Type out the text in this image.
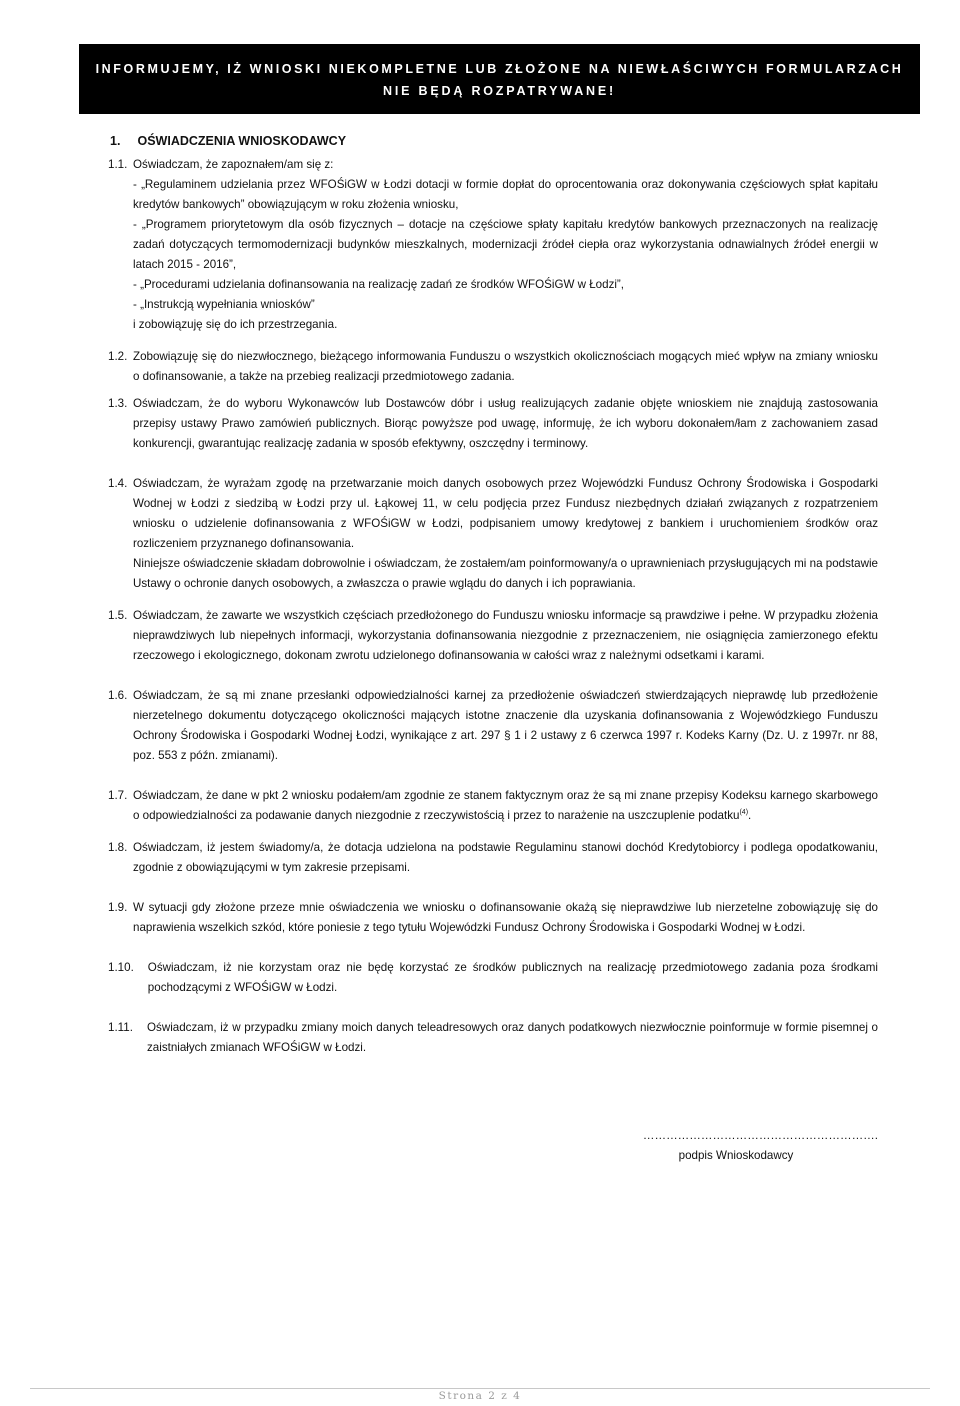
INFORMUJEMY, IŻ WNIOSKI NIEKOMPLETNE LUB ZŁOŻONE NA NIEWŁAŚCIWYCH FORMULARZACH
NIE BĘDĄ ROZPATRYWANE!
1. OŚWIADCZENIA WNIOSKODAWCY
1.1. Oświadczam, że zapoznałem/am się z:
- „Regulaminem udzielania przez WFOŚiGW w Łodzi dotacji w formie dopłat do oprocentowania oraz dokonywania częściowych spłat kapitału kredytów bankowych” obowiązującym w roku złożenia wniosku,
- „Programem priorytetowym dla osób fizycznych – dotacje na częściowe spłaty kapitału kredytów bankowych przeznaczonych na realizację zadań dotyczących termomodernizacji budynków mieszkalnych, modernizacji źródeł ciepła oraz wykorzystania odnawialnych źródeł energii w latach 2015 - 2016”,
- „Procedurami udzielania dofinansowania na realizację zadań ze środków WFOŚiGW w Łodzi”,
- „Instrukcją wypełniania wniosków”
i zobowiązuję się do ich przestrzegania.
1.2. Zobowiązuję się do niezwłocznego, bieżącego informowania Funduszu o wszystkich okolicznościach mogących mieć wpływ na zmiany wniosku o dofinansowanie, a także na przebieg realizacji przedmiotowego zadania.
1.3. Oświadczam, że do wyboru Wykonawców lub Dostawców dóbr i usług realizujących zadanie objęte wnioskiem nie znajdują zastosowania przepisy ustawy Prawo zamówień publicznych. Biorąc powyższe pod uwagę, informuję, że ich wyboru dokonałem/łam z zachowaniem zasad konkurencji, gwarantując realizację zadania w sposób efektywny, oszczędny i terminowy.
1.4. Oświadczam, że wyrażam zgodę na przetwarzanie moich danych osobowych przez Wojewódzki Fundusz Ochrony Środowiska i Gospodarki Wodnej w Łodzi z siedzibą w Łodzi przy ul. Łąkowej 11, w celu podjęcia przez Fundusz niezbędnych działań związanych z rozpatrzeniem wniosku o udzielenie dofinansowania z WFOŚiGW w Łodzi, podpisaniem umowy kredytowej z bankiem i uruchomieniem środków oraz rozliczeniem przyznanego dofinansowania.

Niniejsze oświadczenie składam dobrowolnie i oświadczam, że zostałem/am poinformowany/a o uprawnieniach przysługujących mi na podstawie Ustawy o ochronie danych osobowych, a zwłaszcza o prawie wglądu do danych i ich poprawiania.

1.5. Oświadczam, że zawarte we wszystkich częściach przedłożonego do Funduszu wniosku informacje są prawdziwe i pełne. W przypadku złożenia nieprawdziwych lub niepełnych informacji, wykorzystania dofinansowania niezgodnie z przeznaczeniem, nie osiągnięcia zamierzonego efektu rzeczowego i ekologicznego, dokonam zwrotu udzielonego dofinansowania w całości wraz z należnymi odsetkami i karami.
1.6. Oświadczam, że są mi znane przesłanki odpowiedzialności karnej za przedłożenie oświadczeń stwierdzających nieprawdę lub przedłożenie nierzetelnego dokumentu dotyczącego okoliczności mających istotne znaczenie dla uzyskania dofinansowania z Wojewódzkiego Funduszu Ochrony Środowiska i Gospodarki Wodnej Łodzi, wynikające z art. 297 § 1 i 2 ustawy z 6 czerwca 1997 r. Kodeks Karny (Dz. U. z 1997r. nr 88, poz. 553 z późn. zmianami).
1.7. Oświadczam, że dane w pkt 2 wniosku podałem/am zgodnie ze stanem faktycznym oraz że są mi znane przepisy Kodeksu karnego skarbowego o odpowiedzialności za podawanie danych niezgodnie z rzeczywistością i przez to narażenie na uszczuplenie podatku$^{(4)}$.
1.8. Oświadczam, iż jestem świadomy/a, że dotacja udzielona na podstawie Regulaminu stanowi dochód Kredytobiorcy i podlega opodatkowaniu, zgodnie z obowiązującymi w tym zakresie przepisami.
1.9. W sytuacji gdy złożone przeze mnie oświadczenia we wniosku o dofinansowanie okażą się nieprawdziwe lub nierzetelne zobowiązuję się do naprawienia wszelkich szkód, które poniesie z tego tytułu Wojewódzki Fundusz Ochrony Środowiska i Gospodarki Wodnej w Łodzi.
1.10.	Oświadczam, iż nie korzystam oraz nie będę korzystać ze środków publicznych na realizację przedmiotowego zadania poza środkami pochodzącymi z WFOŚiGW w Łodzi.
1.11.	Oświadczam, iż w przypadku zmiany moich danych teleadresowych oraz danych podatkowych niezwłocznie poinformuje w formie pisemnej o zaistniałych zmianach WFOŚiGW w Łodzi.
…………………………………………………….
podpis Wnioskodawcy
Strona 2 z 4
